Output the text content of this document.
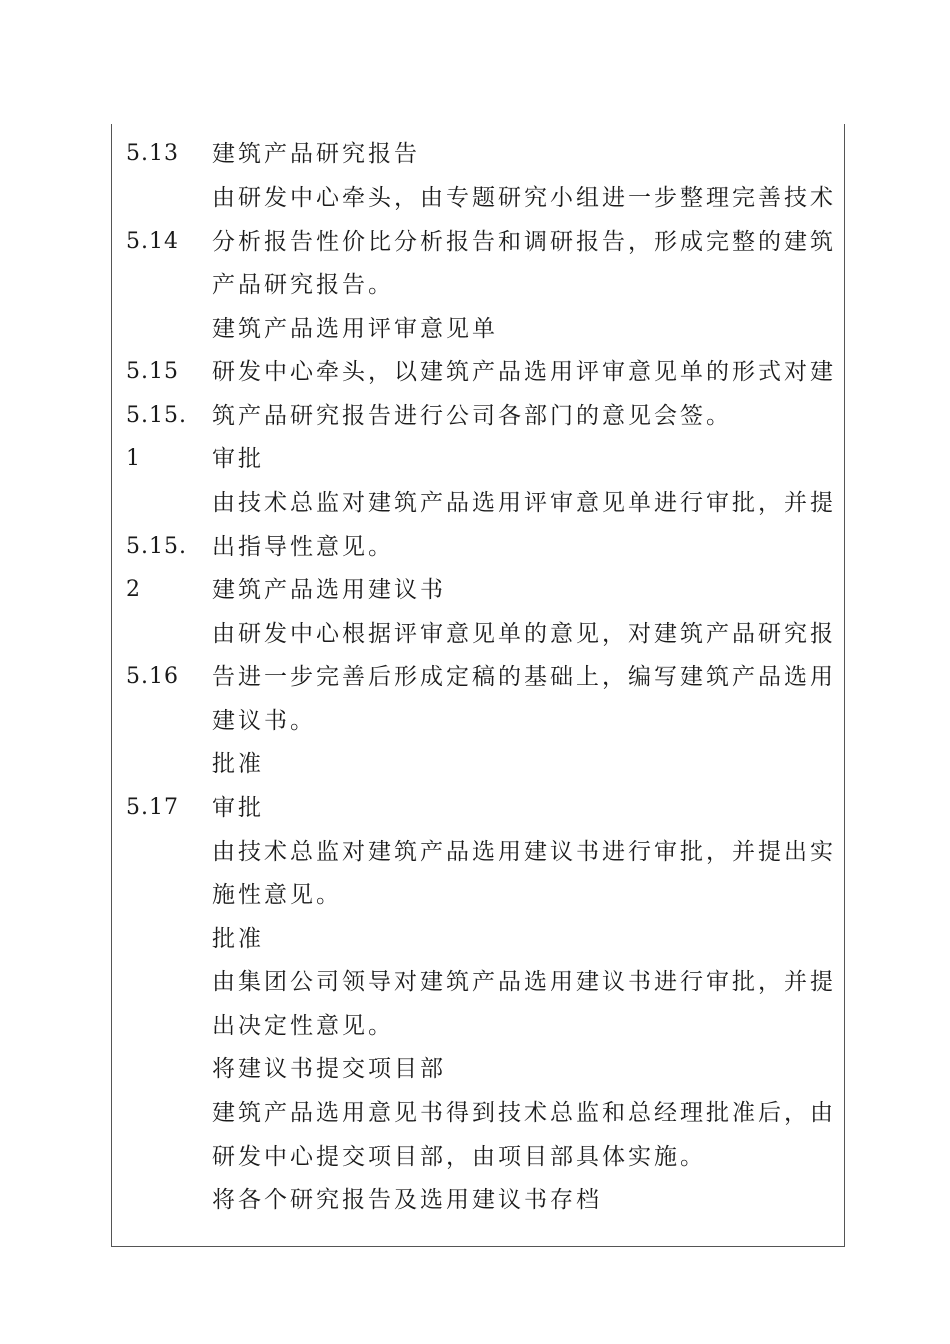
5.13
5.14
5.15
5.15.
1
5.15.
2
5.16
5.17
建筑产品研究报告
由研发中心牵头，由专题研究小组进一步整理完善技术
分析报告性价比分析报告和调研报告，形成完整的建筑
产品研究报告。
建筑产品选用评审意见单
研发中心牵头，以建筑产品选用评审意见单的形式对建
筑产品研究报告进行公司各部门的意见会签。
审批
由技术总监对建筑产品选用评审意见单进行审批，并提
出指导性意见。
建筑产品选用建议书
由研发中心根据评审意见单的意见，对建筑产品研究报
告进一步完善后形成定稿的基础上，编写建筑产品选用
建议书。
批准
审批
由技术总监对建筑产品选用建议书进行审批，并提出实
施性意见。
批准
由集团公司领导对建筑产品选用建议书进行审批，并提
出决定性意见。
将建议书提交项目部
建筑产品选用意见书得到技术总监和总经理批准后，由
研发中心提交项目部，由项目部具体实施。
将各个研究报告及选用建议书存档
